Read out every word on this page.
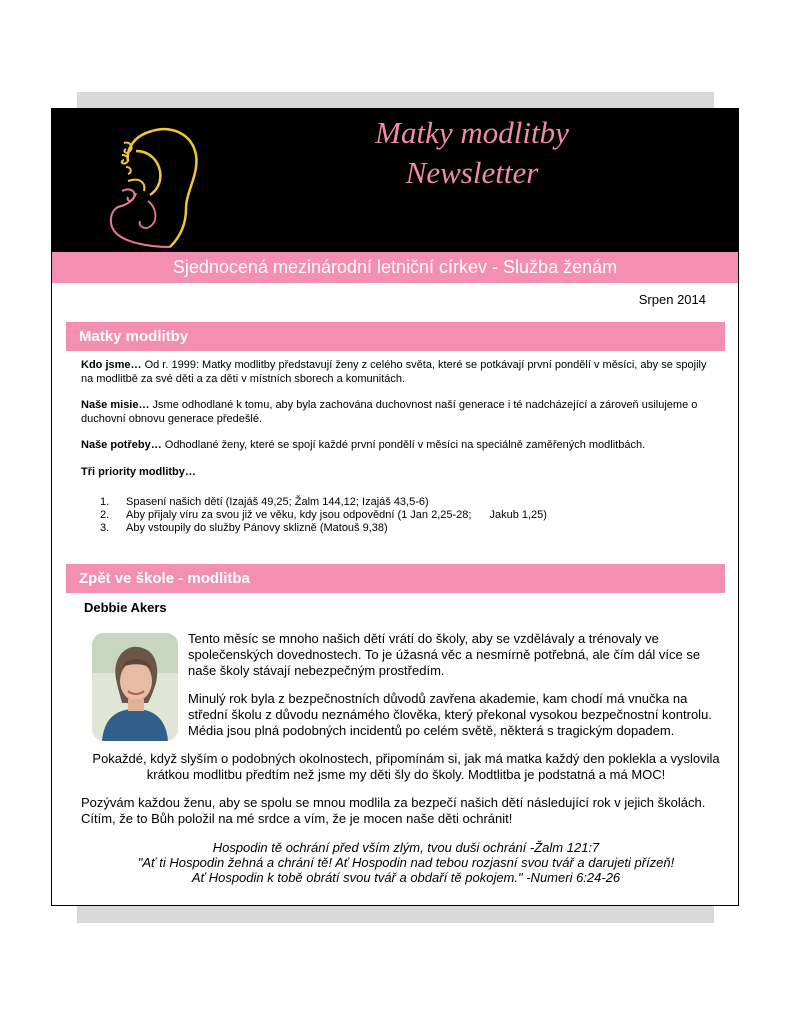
Matky modlitby
Newsletter
Sjednocená mezinárodní letniční církev - Služba ženám
Srpen 2014
Matky modlitby
Kdo jsme… Od r. 1999: Matky modlitby představují ženy z celého světa, které se potkávají první pondělí v měsíci, aby se spojily na modlitbě za své děti a za děti v místních sborech a komunitách.
Naše misie… Jsme odhodlané k tomu, aby byla zachována duchovnost naší generace i té nadcházející a zároveň usilujeme o duchovní obnovu generace předešlé.
Naše potřeby… Odhodlané ženy, které se spojí každé první pondělí v měsíci na speciálně zaměřených modlitbách.
Tři priority modlitby…
1.	Spasení našich dětí (Izajáš 49,25; Žalm 144,12; Izajáš 43,5-6)
2.	Aby přijaly víru za svou již ve věku, kdy jsou odpovědní (1 Jan 2,25-28; Jakub 1,25)
3.	Aby vstoupily do služby Pánovy sklizně (Matouš 9,38)
Zpět ve škole - modlitba
Debbie Akers
Tento měsíc se mnoho našich dětí vrátí do školy, aby se vzdělávaly a trénovaly ve společenských dovednostech. To je úžasná věc a nesmírně potřebná, ale čím dál více se naše školy stávají nebezpečným prostředím.
Minulý rok byla z bezpečnostních důvodů zavřena akademie, kam chodí má vnučka na střední školu z důvodu neznámého člověka, který překonal vysokou bezpečnostní kontrolu. Média jsou plná podobných incidentů po celém světě, některá s tragickým dopadem.
Pokaždé, když slyším o podobných okolnostech, připomínám si, jak má matka každý den poklekla a vyslovila krátkou modlitbu předtím než jsme my děti šly do školy. Modtlitba je podstatná a má MOC!
Pozývám každou ženu, aby se spolu se mnou modlila za bezpečí našich dětí následující rok v jejich školách. Cítím, že to Bůh položil na mé srdce a vím, že je mocen naše děti ochránit!
Hospodin tě ochrání před vším zlým, tvou duši ochrání -Žalm 121:7
"Ať ti Hospodin žehná a chrání tě! Ať Hospodin nad tebou rozjasní svou tvář a darujeti přízeň!
Ať Hospodin k tobě obrátí svou tvář a obdaří tě pokojem." -Numeri 6:24-26
